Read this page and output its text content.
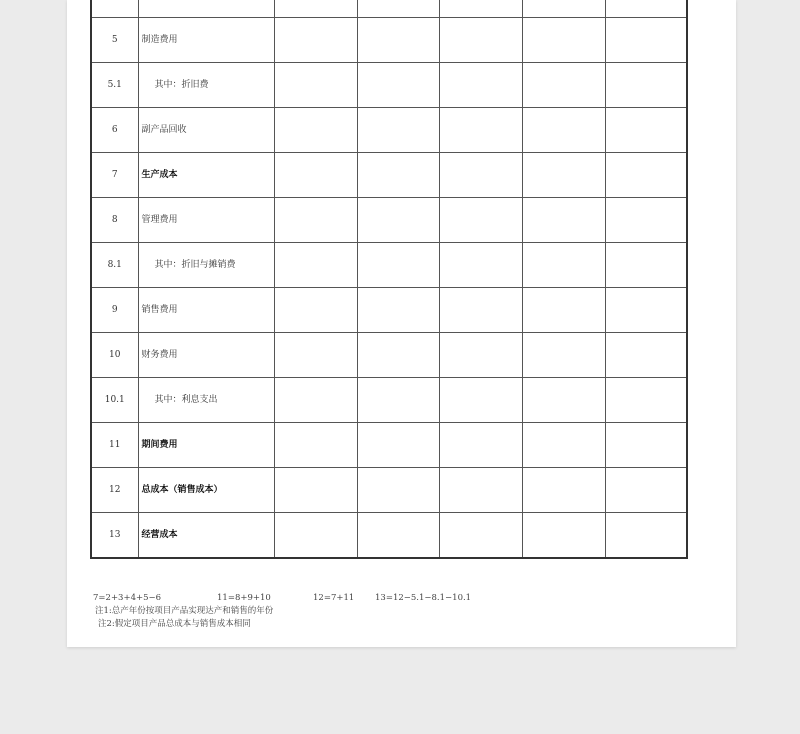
5	制造费用					
5.1	其中：折旧费					
6	副产品回收					
7	生产成本					
8	管理费用					
8.1	其中：折旧与摊销费					
9	销售费用					
10	财务费用					
10.1	其中：利息支出					
11	期间费用					
12	总成本（销售成本）					
13	经营成本					
7=2+3+4+5−6	11=8+9+10	12=7+11 13=12−5.1−8.1−10.1
注1:总产年份按项目产品实现达产和销售的年份
注2:假定项目产品总成本与销售成本相同
